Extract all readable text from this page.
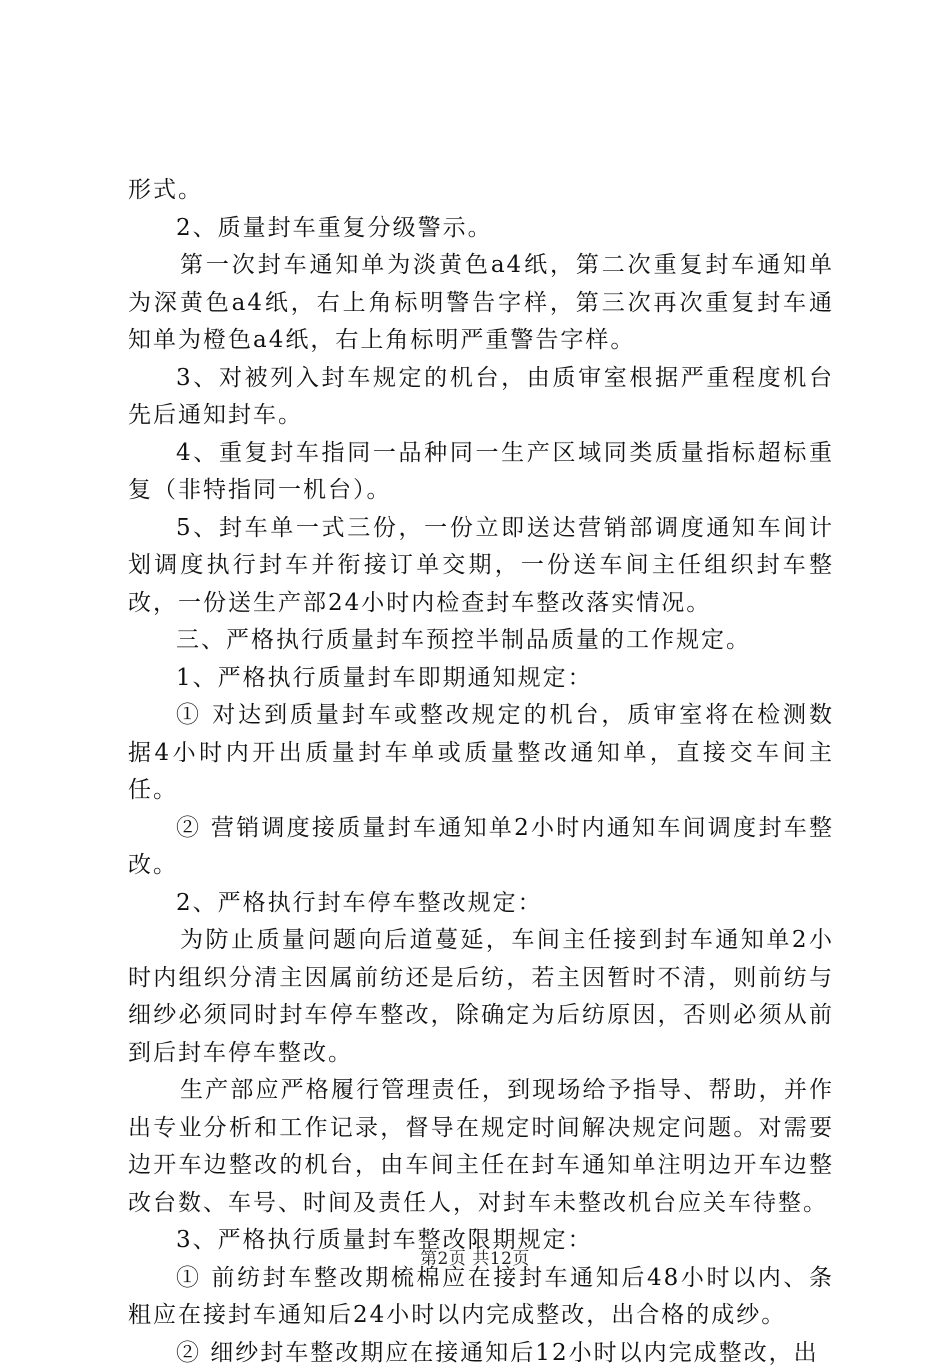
形式。

2、质量封车重复分级警示。

第一次封车通知单为淡黄色a4纸，第二次重复封车通知单为深黄色a4纸，右上角标明警告字样，第三次再次重复封车通知单为橙色a4纸，右上角标明严重警告字样。

3、对被列入封车规定的机台，由质审室根据严重程度机台先后通知封车。

4、重复封车指同一品种同一生产区域同类质量指标超标重复（非特指同一机台）。

5、封车单一式三份，一份立即送达营销部调度通知车间计划调度执行封车并衔接订单交期，一份送车间主任组织封车整改，一份送生产部24小时内检查封车整改落实情况。

三、严格执行质量封车预控半制品质量的工作规定。

1、严格执行质量封车即期通知规定：

① 对达到质量封车或整改规定的机台，质审室将在检测数据4小时内开出质量封车单或质量整改通知单，直接交车间主任。

② 营销调度接质量封车通知单2小时内通知车间调度封车整改。

2、严格执行封车停车整改规定：

为防止质量问题向后道蔓延，车间主任接到封车通知单2小时内组织分清主因属前纺还是后纺，若主因暂时不清，则前纺与细纱必须同时封车停车整改，除确定为后纺原因，否则必须从前到后封车停车整改。

生产部应严格履行管理责任，到现场给予指导、帮助，并作出专业分析和工作记录，督导在规定时间解决规定问题。对需要边开车边整改的机台，由车间主任在封车通知单注明边开车边整改台数、车号、时间及责任人，对封车未整改机台应关车待整。

3、严格执行质量封车整改限期规定：

① 前纺封车整改期梳棉应在接封车通知后48小时以内、条粗应在接封车通知后24小时以内完成整改，出合格的成纱。

② 细纱封车整改期应在接通知后12小时以内完成整改，出

第2页 共12页
